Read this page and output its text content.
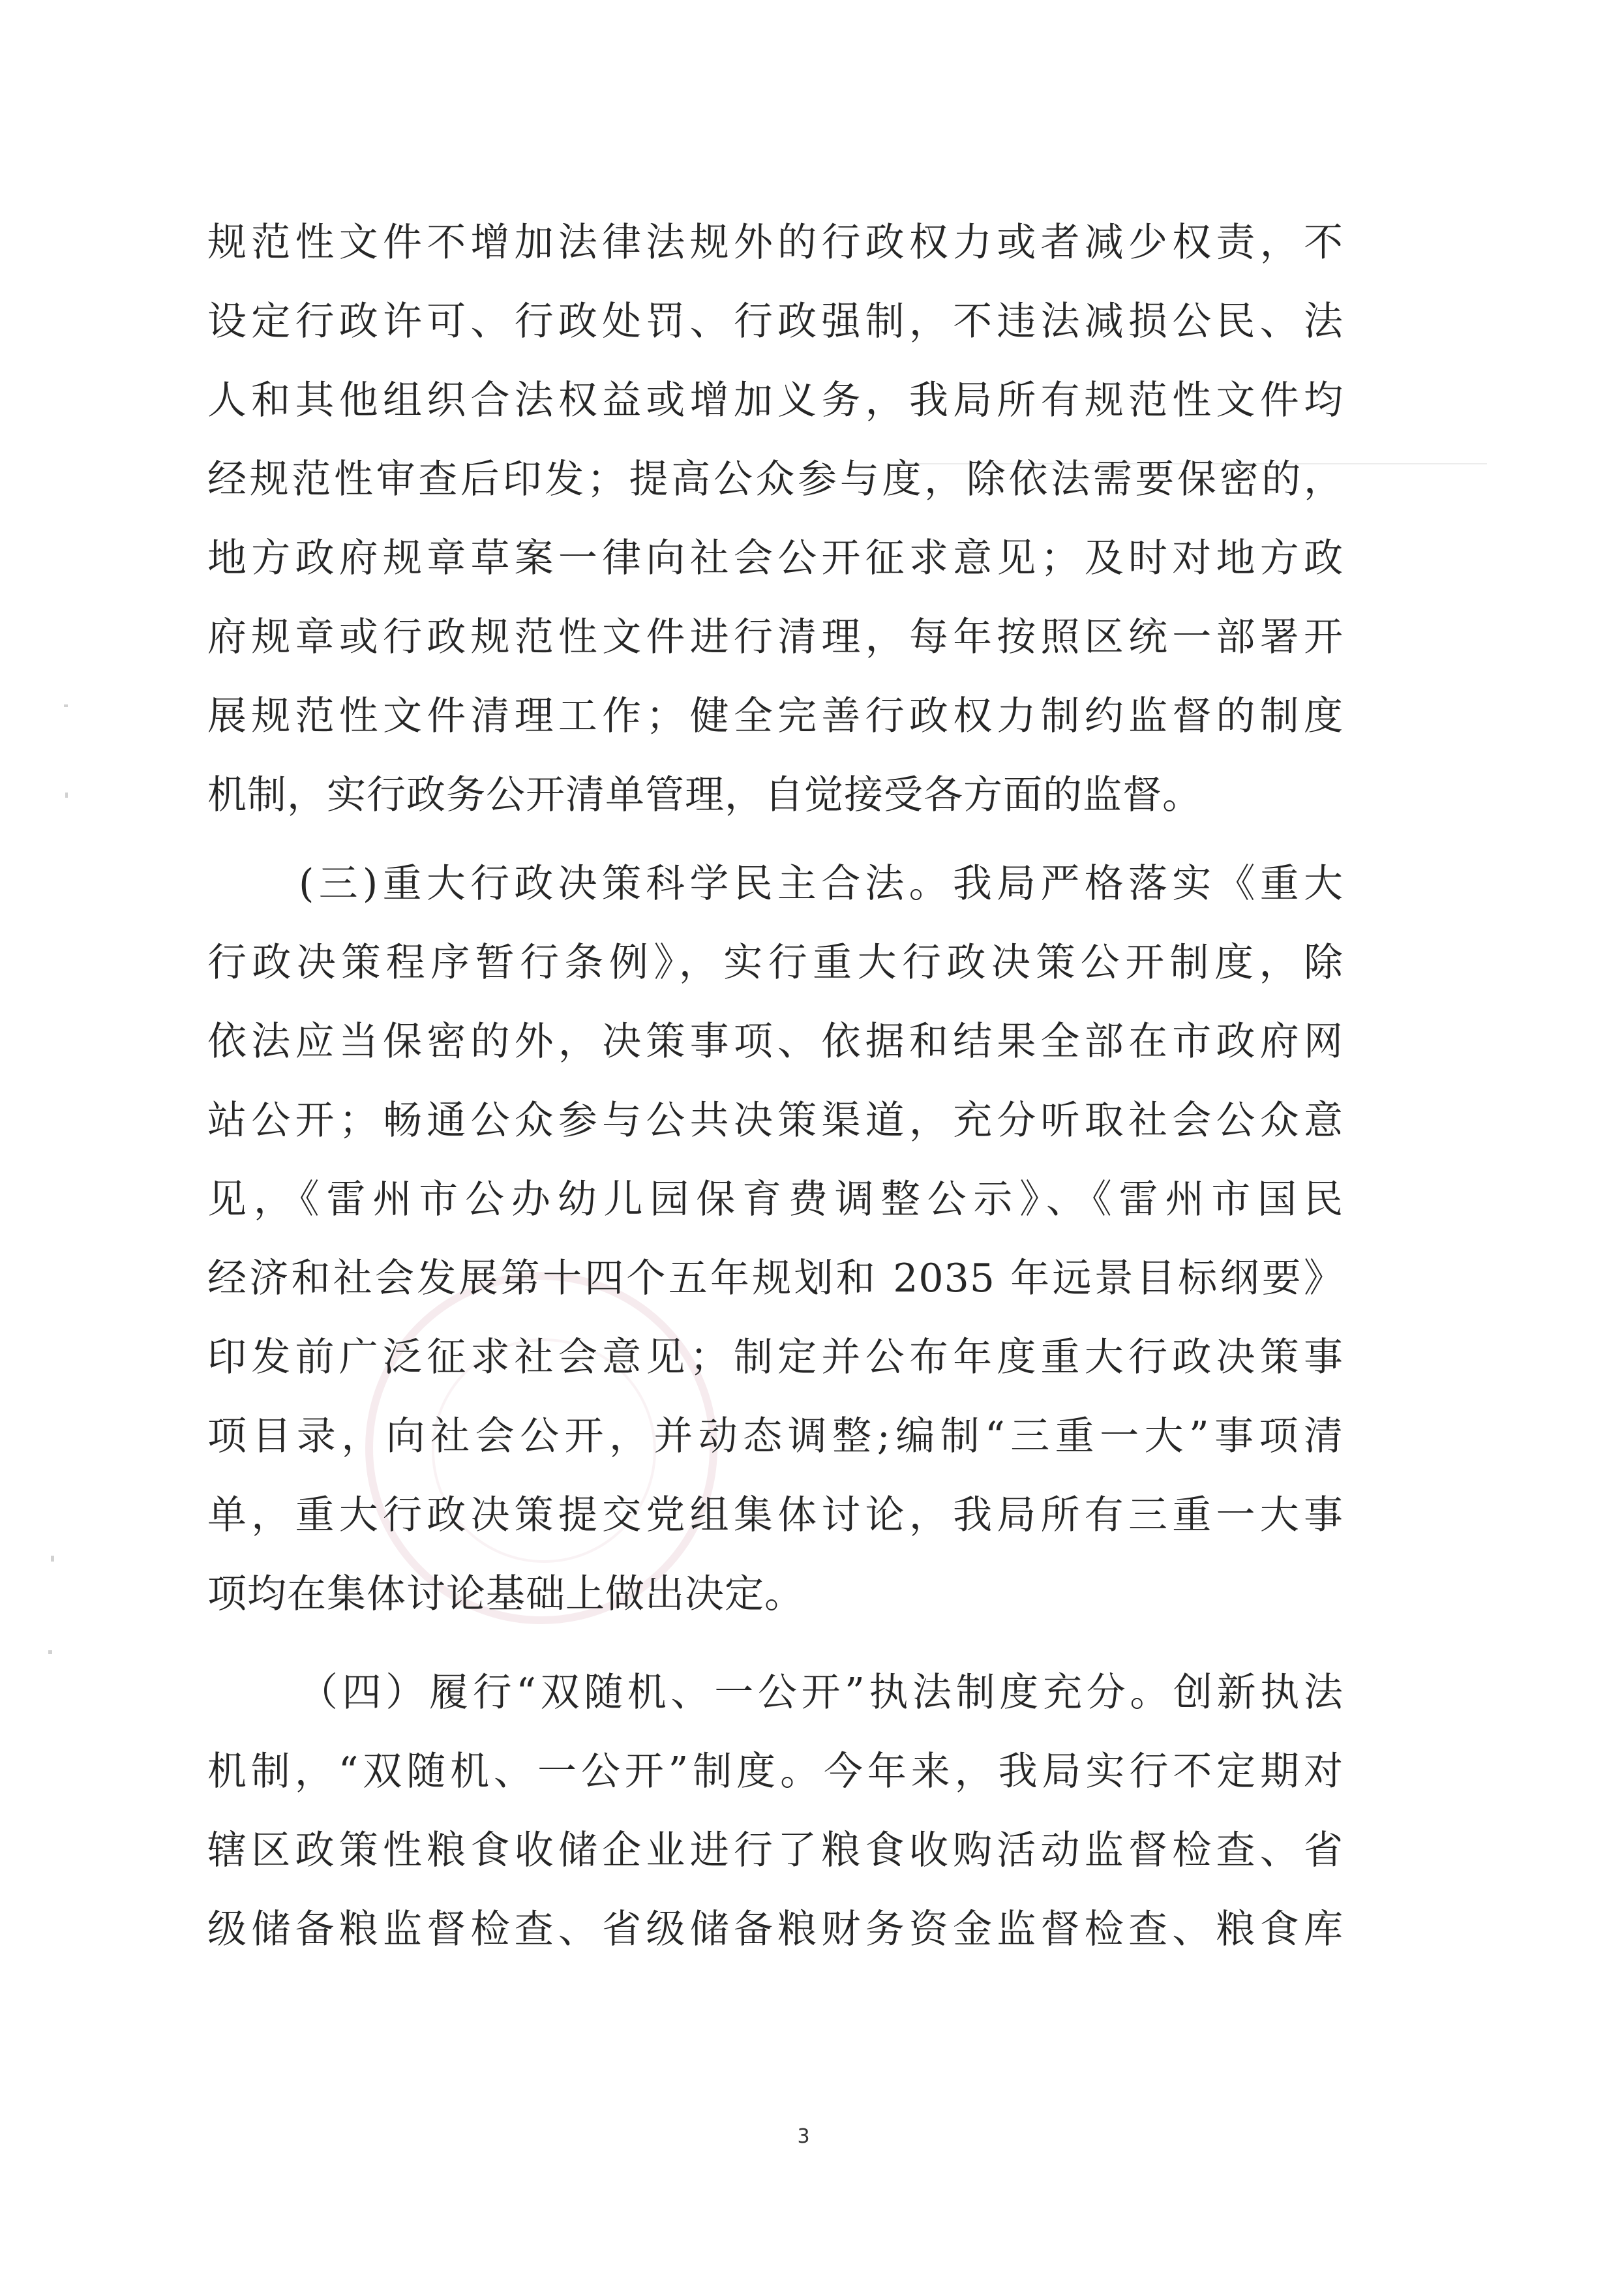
规范性文件不增加法律法规外的行政权力或者减少权责，不
设定行政许可、行政处罚、行政强制，不违法减损公民、法
人和其他组织合法权益或增加义务，我局所有规范性文件均
经规范性审查后印发；提高公众参与度，除依法需要保密的，
地方政府规章草案一律向社会公开征求意见；及时对地方政
府规章或行政规范性文件进行清理，每年按照区统一部署开
展规范性文件清理工作；健全完善行政权力制约监督的制度
机制，实行政务公开清单管理，自觉接受各方面的监督。
(三)重大行政决策科学民主合法。我局严格落实《重大
行政决策程序暂行条例》，实行重大行政决策公开制度，除
依法应当保密的外，决策事项、依据和结果全部在市政府网
站公开；畅通公众参与公共决策渠道，充分听取社会公众意
见，《雷州市公办幼儿园保育费调整公示》、《雷州市国民
经济和社会发展第十四个五年规划和 2035 年远景目标纲要》
印发前广泛征求社会意见；制定并公布年度重大行政决策事
项目录，向社会公开，并动态调整;编制“三重一大”事项清
单，重大行政决策提交党组集体讨论，我局所有三重一大事
项均在集体讨论基础上做出决定。
（四）履行“双随机、一公开”执法制度充分。创新执法
机制，“双随机、一公开”制度。今年来，我局实行不定期对
辖区政策性粮食收储企业进行了粮食收购活动监督检查、省
级储备粮监督检查、省级储备粮财务资金监督检查、粮食库
3
